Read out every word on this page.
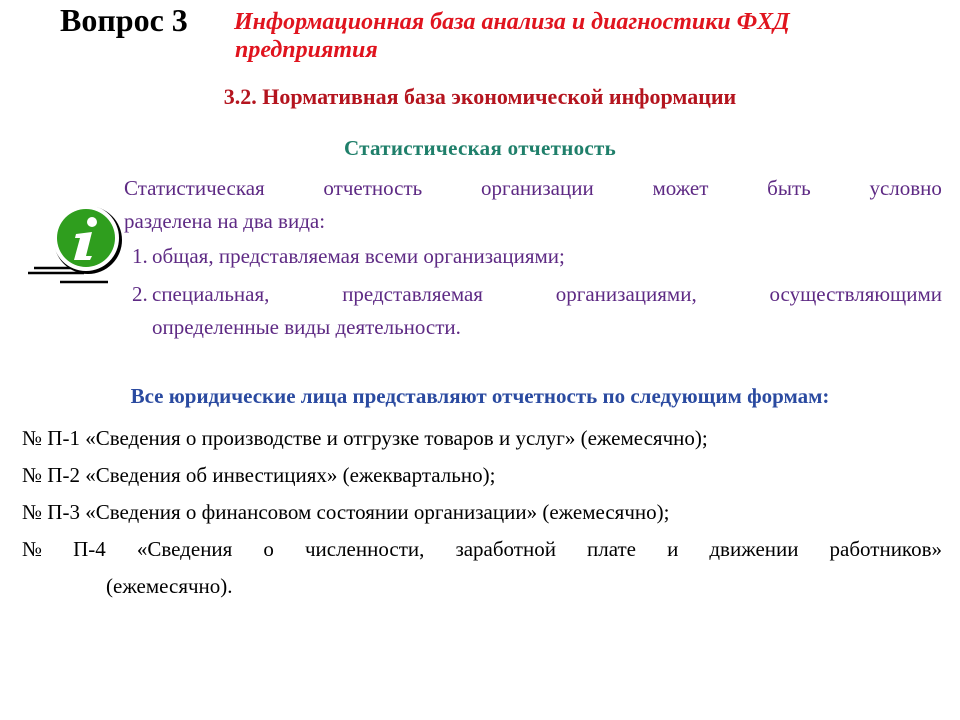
Вопрос 3 Информационная база анализа и диагностики ФХД
предприятия
3.2. Нормативная база экономической информации
Статистическая отчетность
Статистическая	отчетность	организации	может	быть	условно
разделена на два вида:
1. общая, представляемая всеми организациями;
2. специальная,	представляемая	организациями,	осуществляющими
определенные виды деятельности.
Все юридические лица представляют отчетность по следующим формам:
№ П-1 «Сведения о производстве и отгрузке товаров и услуг» (ежемесячно);
№ П-2 «Сведения об инвестициях» (ежеквартально);
№ П-3 «Сведения о финансовом состоянии организации» (ежемесячно);
№ П-4 «Сведения о численности, заработной плате и движении работников»
(ежемесячно).
